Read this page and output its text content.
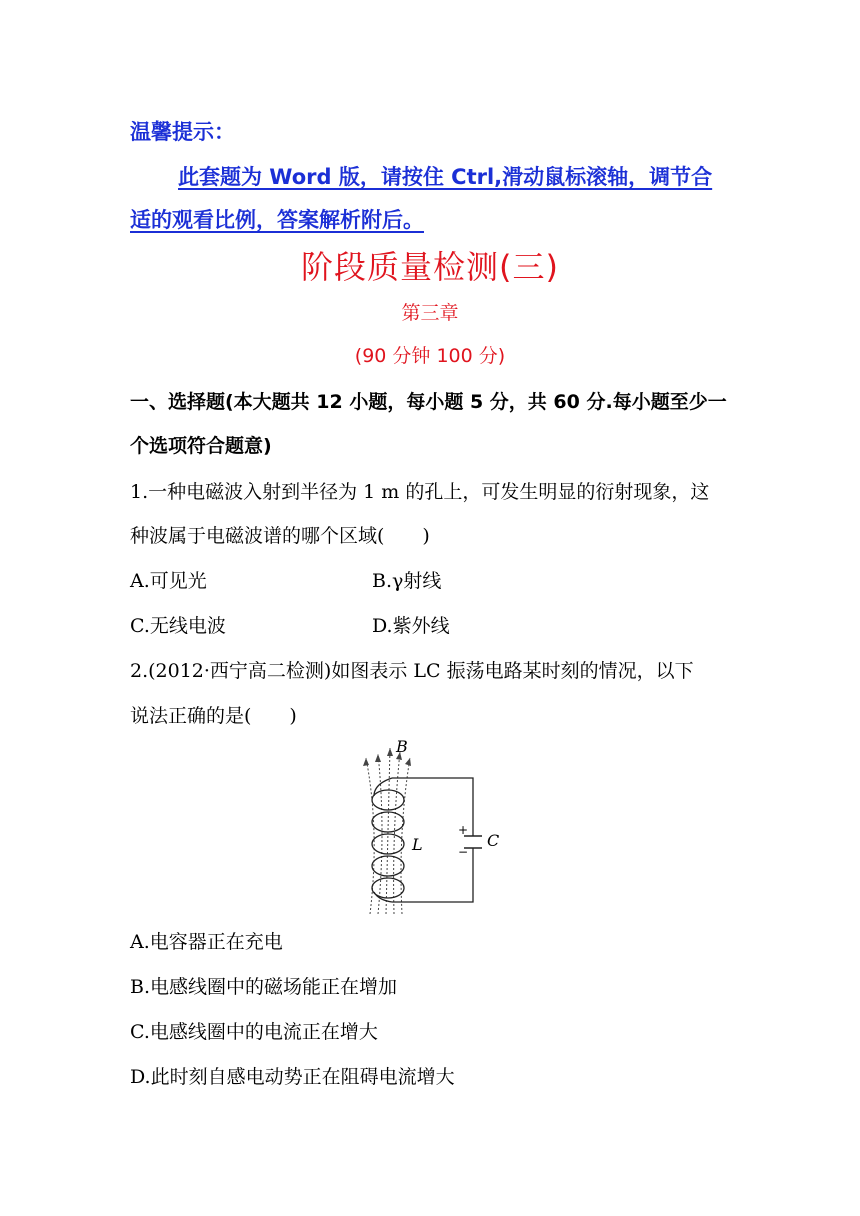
温馨提示：
此套题为 Word 版，请按住 Ctrl,滑动鼠标滚轴，调节合
适的观看比例，答案解析附后。
阶段质量检测(三)
第三章
(90 分钟 100 分)
一、选择题(本大题共 12 小题，每小题 5 分，共 60 分.每小题至少一
个选项符合题意)
1.一种电磁波入射到半径为 1 m 的孔上，可发生明显的衍射现象，这
种波属于电磁波谱的哪个区域(　　)
A.可见光	B.γ射线
C.无线电波	D.紫外线
2.(2012·西宁高二检测)如图表示 LC 振荡电路某时刻的情况，以下
说法正确的是(　　)
B
L	C
+
−
A.电容器正在充电
B.电感线圈中的磁场能正在增加
C.电感线圈中的电流正在增大
D.此时刻自感电动势正在阻碍电流增大
